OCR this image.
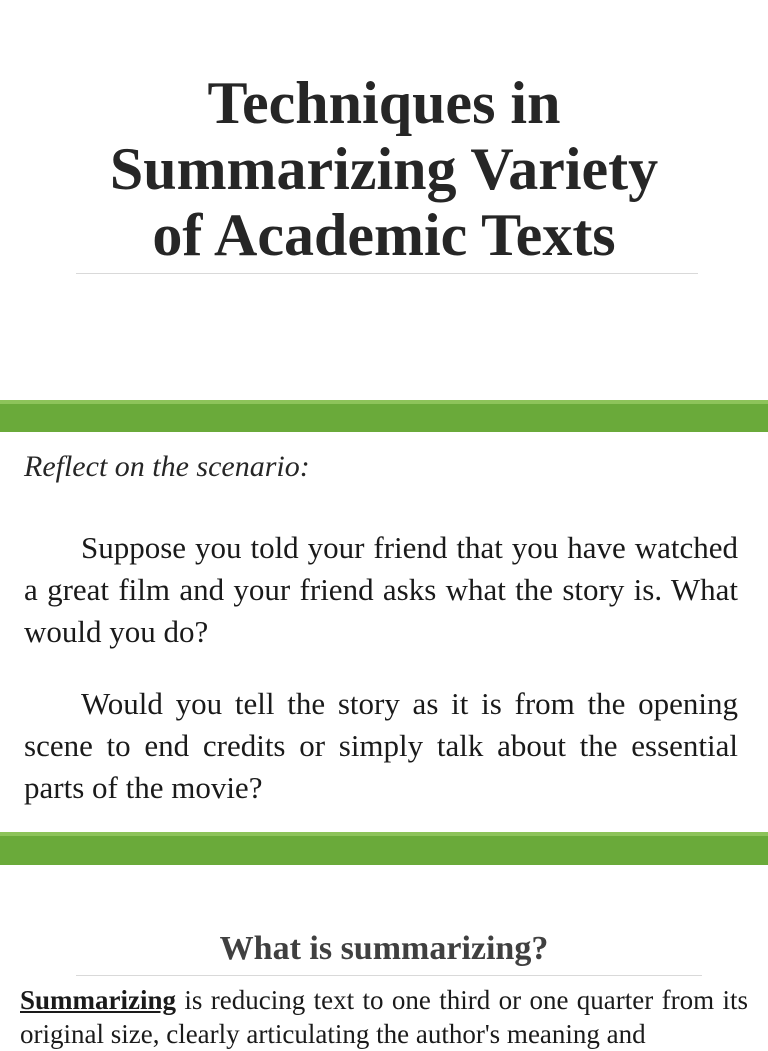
Techniques in
Summarizing Variety
of Academic Texts
Reflect on the scenario:

Suppose you told your friend that you have watched a great film and your friend asks what the story is. What would you do?

Would you tell the story as it is from the opening scene to end credits or simply talk about the essential parts of the movie?

What is summarizing?

Summarizing is reducing text to one third or one quarter from its original size, clearly articulating the author's meaning and
